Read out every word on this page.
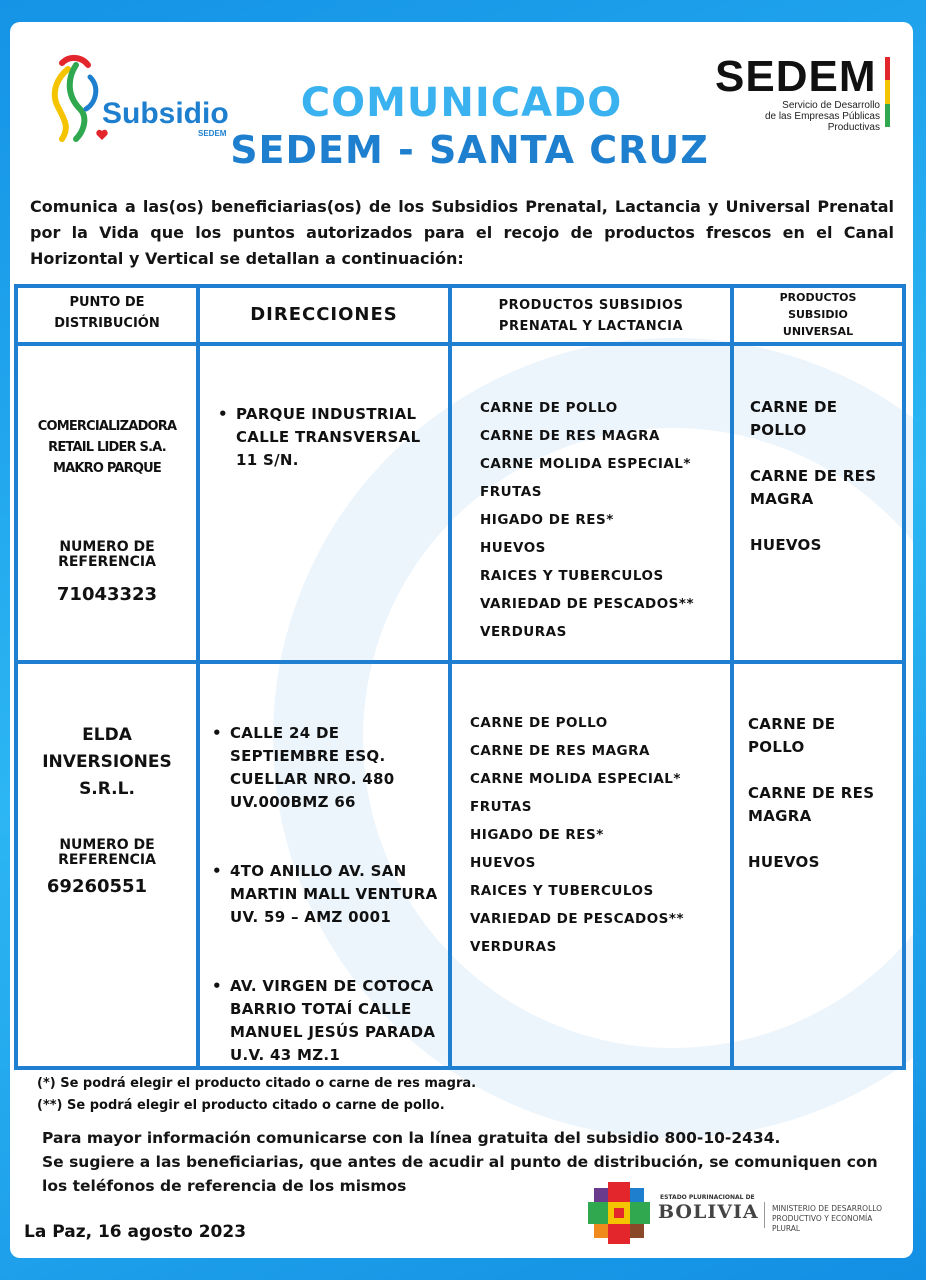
Subsidio
SEDEM
SEDEM
Servicio de Desarrollo
de las Empresas Públicas
Productivas
COMUNICADO
SEDEM - SANTA CRUZ
Comunica a las(os) beneficiarias(os) de los Subsidios Prenatal, Lactancia y Universal Prenatal por la Vida que los puntos autorizados para el recojo de productos frescos en el Canal Horizontal y Vertical se detallan a continuación:
PUNTO DE
DISTRIBUCIÓN	DIRECCIONES	PRODUCTOS SUBSIDIOS
PRENATAL Y LACTANCIA
PRODUCTOS
SUBSIDIO
UNIVERSAL
COMERCIALIZADORA
RETAIL LIDER S.A.
MAKRO PARQUE
NUMERO DE
REFERENCIA
71043323
• PARQUE INDUSTRIAL
CALLE TRANSVERSAL
11 S/N.
CARNE DE POLLO
CARNE DE RES MAGRA
CARNE MOLIDA ESPECIAL*
FRUTAS
HIGADO DE RES*
HUEVOS
RAICES Y TUBERCULOS
VARIEDAD DE PESCADOS**
VERDURAS
CARNE DE
POLLO
CARNE DE RES
MAGRA
HUEVOS
ELDA
INVERSIONES
S.R.L.
NUMERO DE
REFERENCIA
69260551
• CALLE 24 DE
SEPTIEMBRE ESQ.
CUELLAR NRO. 480
UV.000BMZ 66
• 4TO ANILLO AV. SAN
MARTIN MALL VENTURA
UV. 59 – AMZ 0001
• AV. VIRGEN DE COTOCA
BARRIO TOTAÍ CALLE
MANUEL JESÚS PARADA
U.V. 43 MZ.1
CARNE DE POLLO
CARNE DE RES MAGRA
CARNE MOLIDA ESPECIAL*
FRUTAS
HIGADO DE RES*
HUEVOS
RAICES Y TUBERCULOS
VARIEDAD DE PESCADOS**
VERDURAS
CARNE DE
POLLO
CARNE DE RES
MAGRA
HUEVOS
(*) Se podrá elegir el producto citado o carne de res magra.
(**) Se podrá elegir el producto citado o carne de pollo.
Para mayor información comunicarse con la línea gratuita del subsidio 800-10-2434.
Se sugiere a las beneficiarias, que antes de acudir al punto de distribución, se comuniquen con los teléfonos de referencia de los mismos
La Paz, 16 agosto 2023
ESTADO PLURINACIONAL DE
BOLIVIA MINISTERIO DE DESARROLLO
PRODUCTIVO Y ECONOMÍA PLURAL
